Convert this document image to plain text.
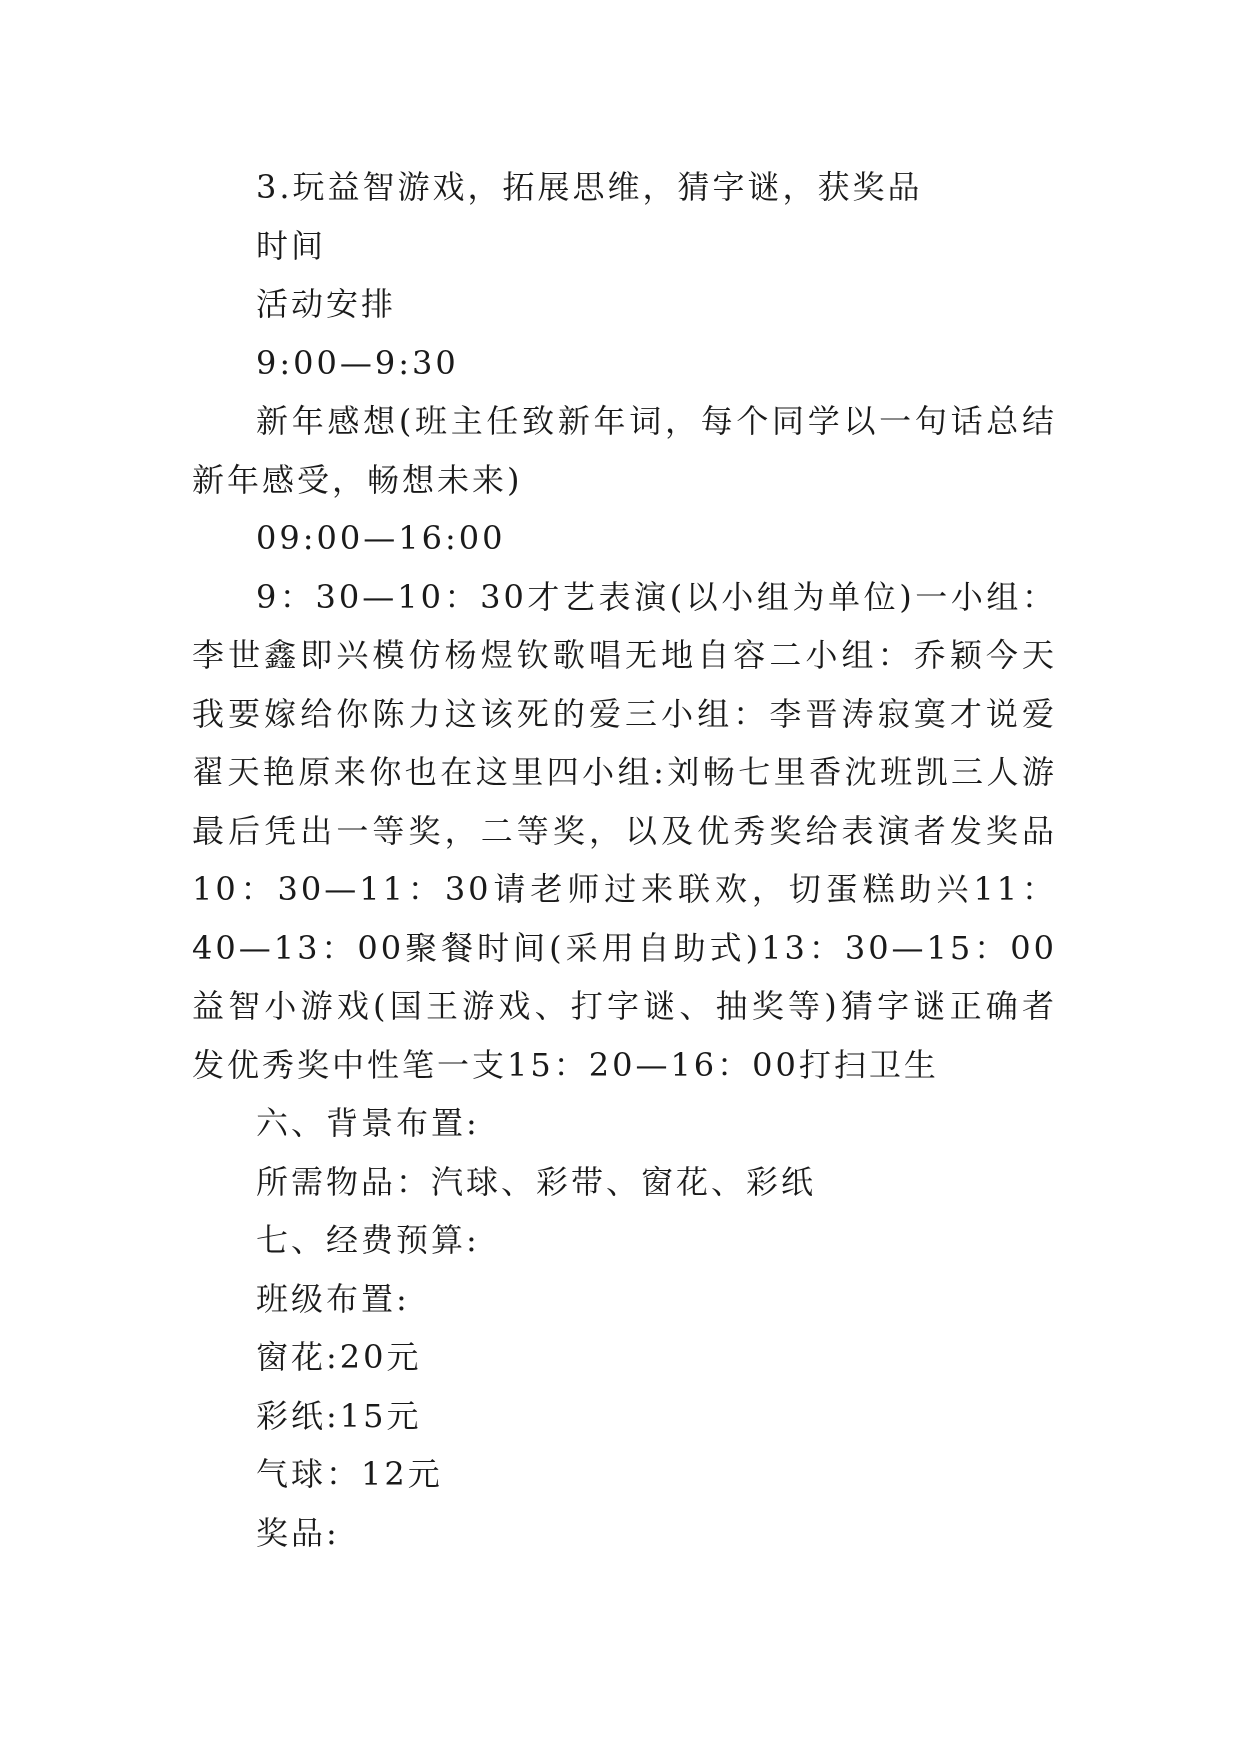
3.玩益智游戏，拓展思维，猜字谜，获奖品

时间

活动安排

9:00—9:30

新年感想(班主任致新年词，每个同学以一句话总结新年感受，畅想未来)

09:00—16:00

9：30—10：30才艺表演(以小组为单位)一小组：李世鑫即兴模仿杨煜钦歌唱无地自容二小组：乔颖今天我要嫁给你陈力这该死的爱三小组：李晋涛寂寞才说爱翟天艳原来你也在这里四小组:刘畅七里香沈班凯三人游最后凭出一等奖，二等奖，以及优秀奖给表演者发奖品10：30—11：30请老师过来联欢，切蛋糕助兴11：40—13：00聚餐时间(采用自助式)13：30—15：00益智小游戏(国王游戏、打字谜、抽奖等)猜字谜正确者发优秀奖中性笔一支15：20—16：00打扫卫生

六、背景布置:

所需物品：汽球、彩带、窗花、彩纸

七、经费预算:

班级布置:

窗花:20元

彩纸:15元

气球：12元

奖品:
